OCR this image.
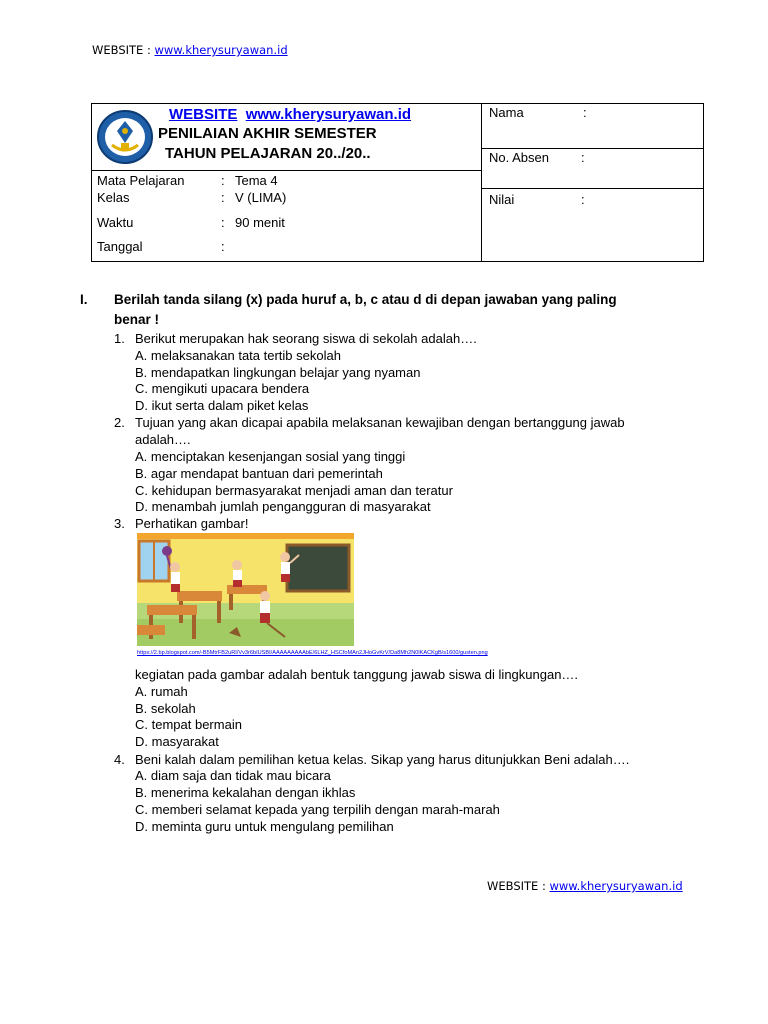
WEBSITE : www.kherysuryawan.id
WEBSITE www.kherysuryawan.id
PENILAIAN AKHIR SEMESTER
TAHUN PELAJARAN 20../20..
Mata Pelajaran	: Tema 4
Kelas	: V (LIMA)
Waktu	: 90 menit
Tanggal	:
Nama	:
No. Absen :
Nilai	:
I. Berilah tanda silang (x) pada huruf a, b, c atau d di depan jawaban yang paling
benar !
1. Berikut merupakan hak seorang siswa di sekolah adalah….
A. melaksanakan tata tertib sekolah
B. mendapatkan lingkungan belajar yang nyaman
C. mengikuti upacara bendera
D. ikut serta dalam piket kelas
2. Tujuan yang akan dicapai apabila melaksanan kewajiban dengan bertanggung jawab
adalah….
A. menciptakan kesenjangan sosial yang tinggi
B. agar mendapat bantuan dari pemerintah
C. kehidupan bermasyarakat menjadi aman dan teratur
D. menambah jumlah pengangguran di masyarakat
3. Perhatikan gambar!
https://2.bp.blogspot.com/-B5MtrFB2uRI/Vv3r6bIUSBI/AAAAAAAAAbE/6LHZ_HSCfoMAn2JHoGvKrV/Da8Mh2N0lKACKgB/s1600/gusten.png
kegiatan pada gambar adalah bentuk tanggung jawab siswa di lingkungan….
A. rumah
B. sekolah
C. tempat bermain
D. masyarakat
4. Beni kalah dalam pemilihan ketua kelas. Sikap yang harus ditunjukkan Beni adalah….
A. diam saja dan tidak mau bicara
B. menerima kekalahan dengan ikhlas
C. memberi selamat kepada yang terpilih dengan marah-marah
D. meminta guru untuk mengulang pemilihan
WEBSITE : www.kherysuryawan.id
